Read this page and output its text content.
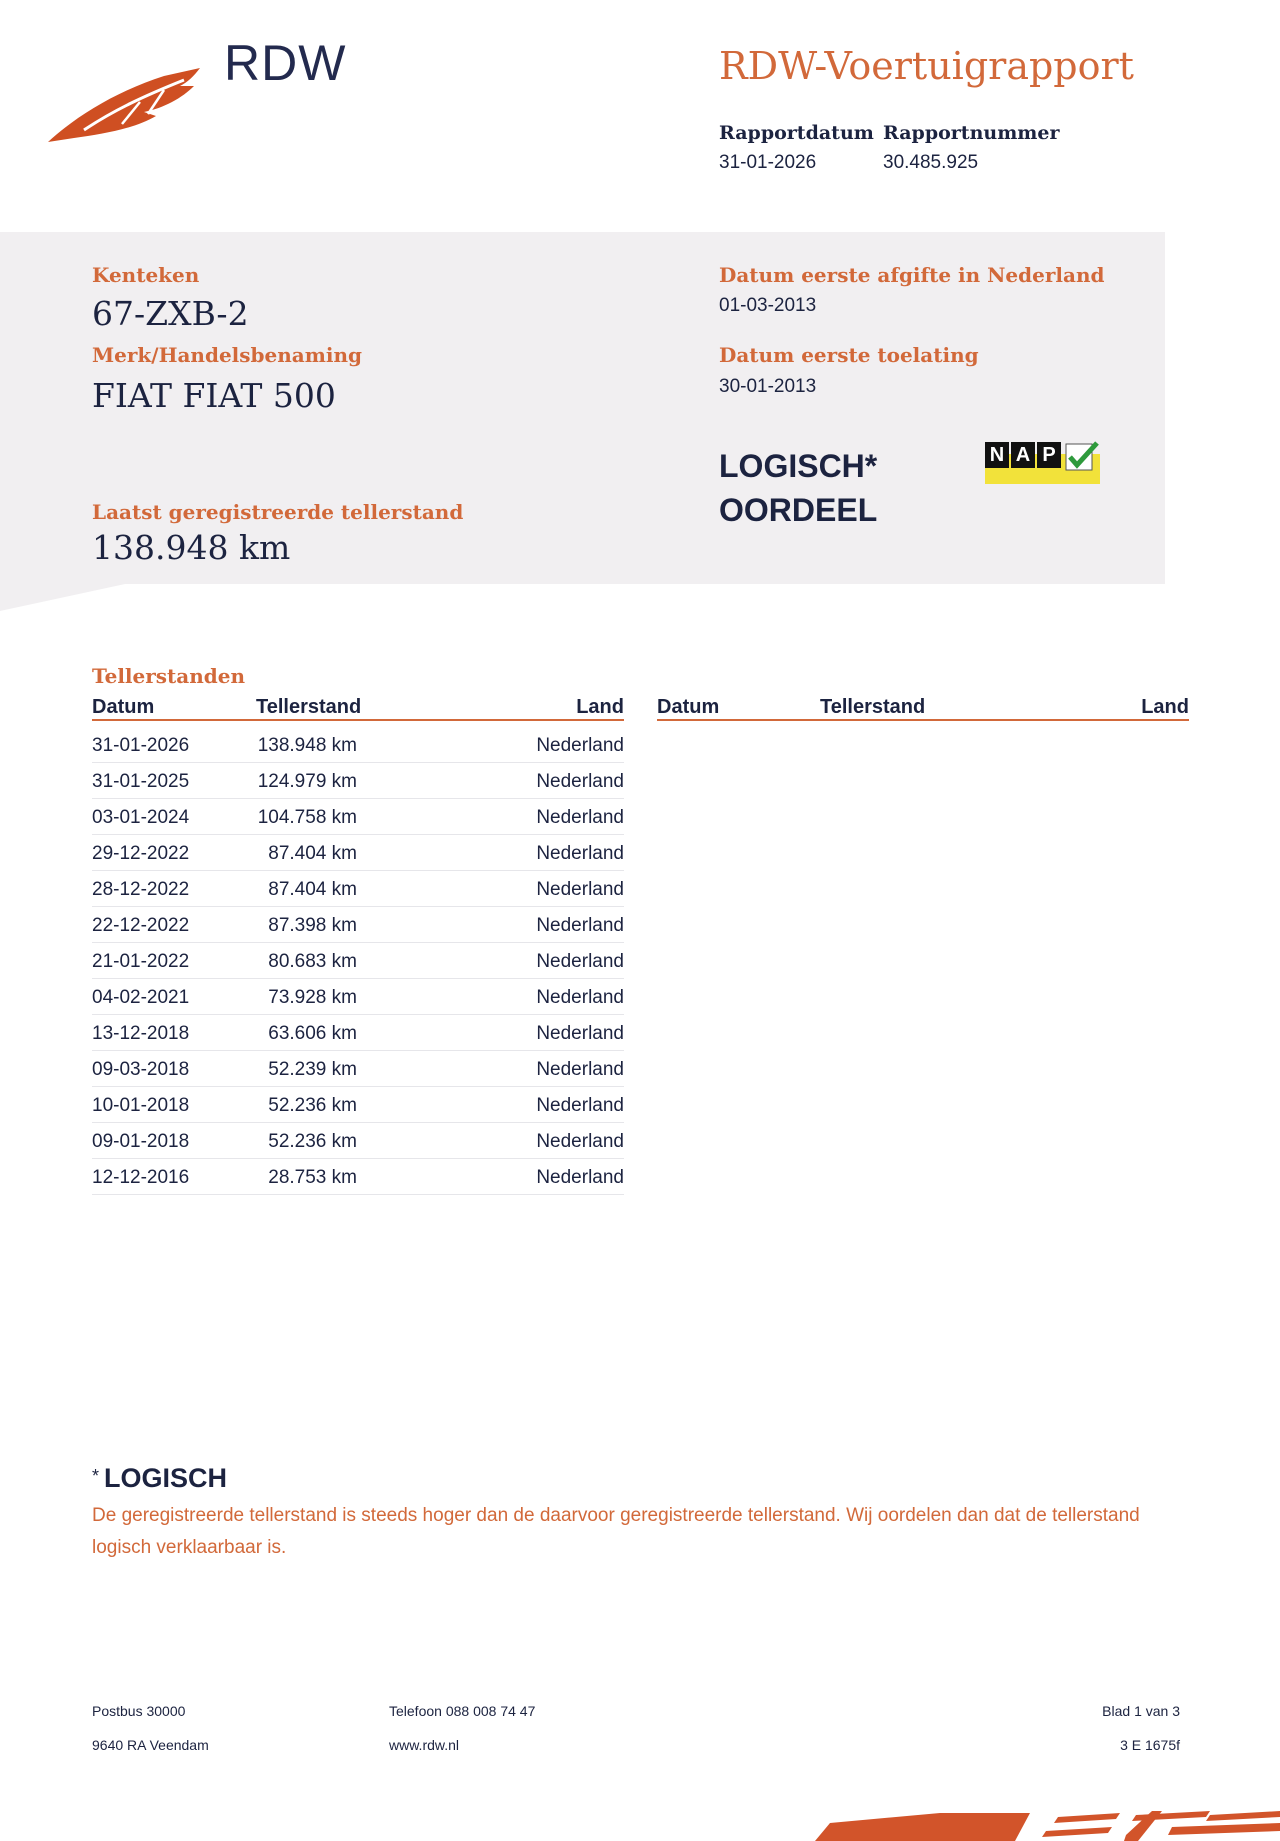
RDW	RDW-Voertuigrapport
Rapportdatum
31-01-2026
Rapportnummer
30.485.925
Kenteken
67-ZXB-2
Merk/Handelsbenaming
FIAT FIAT 500
Laatst geregistreerde tellerstand
138.948 km
Datum eerste afgifte in Nederland
01-03-2013
Datum eerste toelating
30-01-2013
LOGISCH*
OORDEEL
N A P
Tellerstanden
Datum	Tellerstand	Land Datum	Tellerstand	Land
31-01-2026	138.948 km	Nederland
31-01-2025	124.979 km	Nederland
03-01-2024	104.758 km	Nederland
29-12-2022	87.404 km	Nederland
28-12-2022	87.404 km	Nederland
22-12-2022	87.398 km	Nederland
21-01-2022	80.683 km	Nederland
04-02-2021	73.928 km	Nederland
13-12-2018	63.606 km	Nederland
09-03-2018	52.239 km	Nederland
10-01-2018	52.236 km	Nederland
09-01-2018	52.236 km	Nederland
12-12-2016	28.753 km	Nederland
* LOGISCH
De geregistreerde tellerstand is steeds hoger dan de daarvoor geregistreerde tellerstand. Wij oordelen dan dat de tellerstand logisch verklaarbaar is.
Postbus 30000
9640 RA Veendam
Telefoon 088 008 74 47
www.rdw.nl
Blad 1 van 3
3 E 1675f
